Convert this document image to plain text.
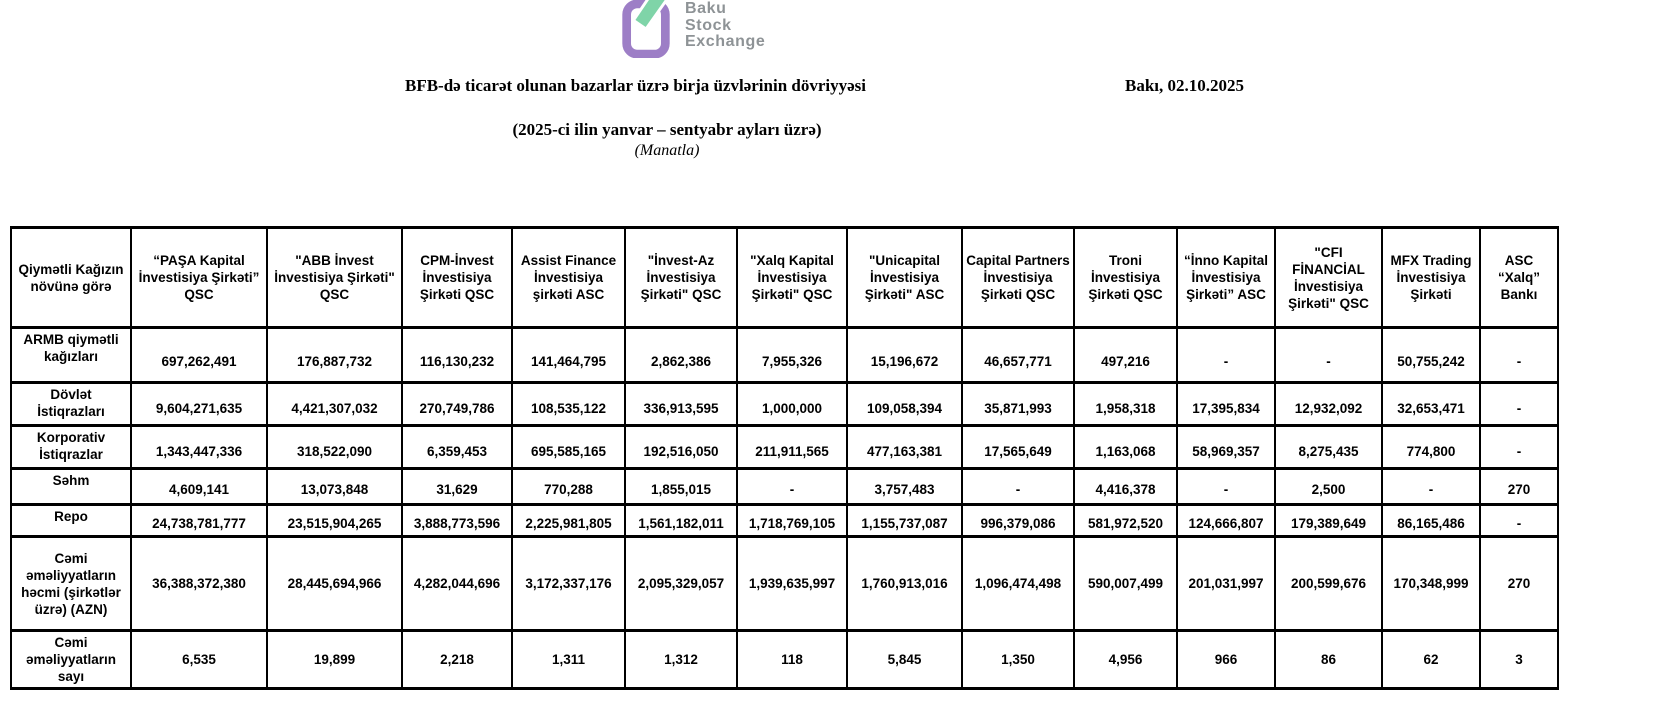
Baku
Stock
Exchange
BFB-də ticarət olunan bazarlar üzrə birja üzvlərinin dövriyyəsi	Bakı, 02.10.2025
(2025-ci ilin yanvar – sentyabr ayları üzrə)
(Manatla)
Qiymətli Kağızın növünə görə	“PAŞA Kapital İnvestisiya Şirkəti” QSC	"ABB İnvest İnvestisiya Şirkəti" QSC	CPM-İnvest İnvestisiya Şirkəti QSC	Assist Finance İnvestisiya şirkəti ASC	"İnvest-Az İnvestisiya Şirkəti" QSC	"Xalq Kapital İnvestisiya Şirkəti" QSC	"Unicapital İnvestisiya Şirkəti" ASC	Capital Partners İnvestisiya Şirkəti QSC	Troni İnvestisiya Şirkəti QSC	“İnno Kapital İnvestisiya Şirkəti” ASC	"CFI FİNANCİAL İnvestisiya Şirkəti" QSC	MFX Trading İnvestisiya Şirkəti	ASC “Xalq” Bankı
ARMB qiymətli kağızları	697,262,491	176,887,732	116,130,232	141,464,795	2,862,386	7,955,326	15,196,672	46,657,771	497,216	-	-	50,755,242	-
Dövlət İstiqrazları	9,604,271,635	4,421,307,032	270,749,786	108,535,122	336,913,595	1,000,000	109,058,394	35,871,993	1,958,318	17,395,834	12,932,092	32,653,471	-
Korporativ İstiqrazlar	1,343,447,336	318,522,090	6,359,453	695,585,165	192,516,050	211,911,565	477,163,381	17,565,649	1,163,068	58,969,357	8,275,435	774,800	-
Səhm	4,609,141	13,073,848	31,629	770,288	1,855,015	-	3,757,483	-	4,416,378	-	2,500	-	270
Repo	24,738,781,777	23,515,904,265	3,888,773,596	2,225,981,805	1,561,182,011	1,718,769,105	1,155,737,087	996,379,086	581,972,520	124,666,807	179,389,649	86,165,486	-
Cəmi əməliyyatların həcmi (şirkətlər üzrə) (AZN)	36,388,372,380	28,445,694,966	4,282,044,696	3,172,337,176	2,095,329,057	1,939,635,997	1,760,913,016	1,096,474,498	590,007,499	201,031,997	200,599,676	170,348,999	270
Cəmi əməliyyatların sayı	6,535	19,899	2,218	1,311	1,312	118	5,845	1,350	4,956	966	86	62	3
